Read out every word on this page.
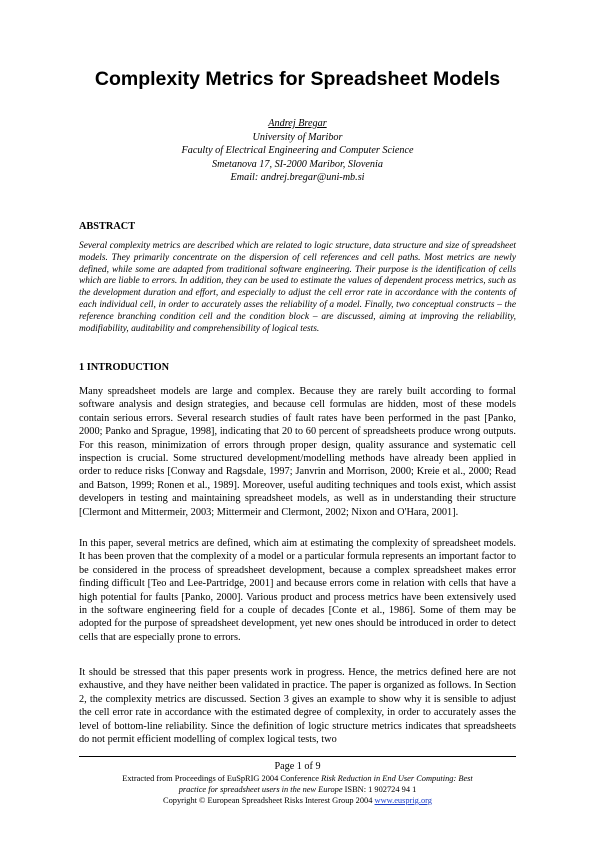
Complexity Metrics for Spreadsheet Models
Andrej Bregar
University of Maribor
Faculty of Electrical Engineering and Computer Science
Smetanova 17, SI-2000 Maribor, Slovenia
Email: andrej.bregar@uni-mb.si
ABSTRACT
Several complexity metrics are described which are related to logic structure, data structure and size of spreadsheet models. They primarily concentrate on the dispersion of cell references and cell paths. Most metrics are newly defined, while some are adapted from traditional software engineering. Their purpose is the identification of cells which are liable to errors. In addition, they can be used to estimate the values of dependent process metrics, such as the development duration and effort, and especially to adjust the cell error rate in accordance with the contents of each individual cell, in order to accurately asses the reliability of a model. Finally, two conceptual constructs – the reference branching condition cell and the condition block – are discussed, aiming at improving the reliability, modifiability, auditability and comprehensibility of logical tests.
1 INTRODUCTION
Many spreadsheet models are large and complex. Because they are rarely built according to formal software analysis and design strategies, and because cell formulas are hidden, most of these models contain serious errors. Several research studies of fault rates have been performed in the past [Panko, 2000; Panko and Sprague, 1998], indicating that 20 to 60 percent of spreadsheets produce wrong outputs. For this reason, minimization of errors through proper design, quality assurance and systematic cell inspection is crucial. Some structured development/modelling methods have already been applied in order to reduce risks [Conway and Ragsdale, 1997; Janvrin and Morrison, 2000; Kreie et al., 2000; Read and Batson, 1999; Ronen et al., 1989]. Moreover, useful auditing techniques and tools exist, which assist developers in testing and maintaining spreadsheet models, as well as in understanding their structure [Clermont and Mittermeir, 2003; Mittermeir and Clermont, 2002; Nixon and O'Hara, 2001].
In this paper, several metrics are defined, which aim at estimating the complexity of spreadsheet models. It has been proven that the complexity of a model or a particular formula represents an important factor to be considered in the process of spreadsheet development, because a complex spreadsheet makes error finding difficult [Teo and Lee-Partridge, 2001] and because errors come in relation with cells that have a high potential for faults [Panko, 2000]. Various product and process metrics have been extensively used in the software engineering field for a couple of decades [Conte et al., 1986]. Some of them may be adopted for the purpose of spreadsheet development, yet new ones should be introduced in order to detect cells that are especially prone to errors.
It should be stressed that this paper presents work in progress. Hence, the metrics defined here are not exhaustive, and they have neither been validated in practice. The paper is organized as follows. In Section 2, the complexity metrics are discussed. Section 3 gives an example to show why it is sensible to adjust the cell error rate in accordance with the estimated degree of complexity, in order to accurately asses the level of bottom-line reliability. Since the definition of logic structure metrics indicates that spreadsheets do not permit efficient modelling of complex logical tests, two
Page 1 of 9
Extracted from Proceedings of EuSpRIG 2004 Conference Risk Reduction in End User Computing: Best
practice for spreadsheet users in the new Europe ISBN: 1 902724 94 1
Copyright © European Spreadsheet Risks Interest Group 2004 www.eusprig.org
